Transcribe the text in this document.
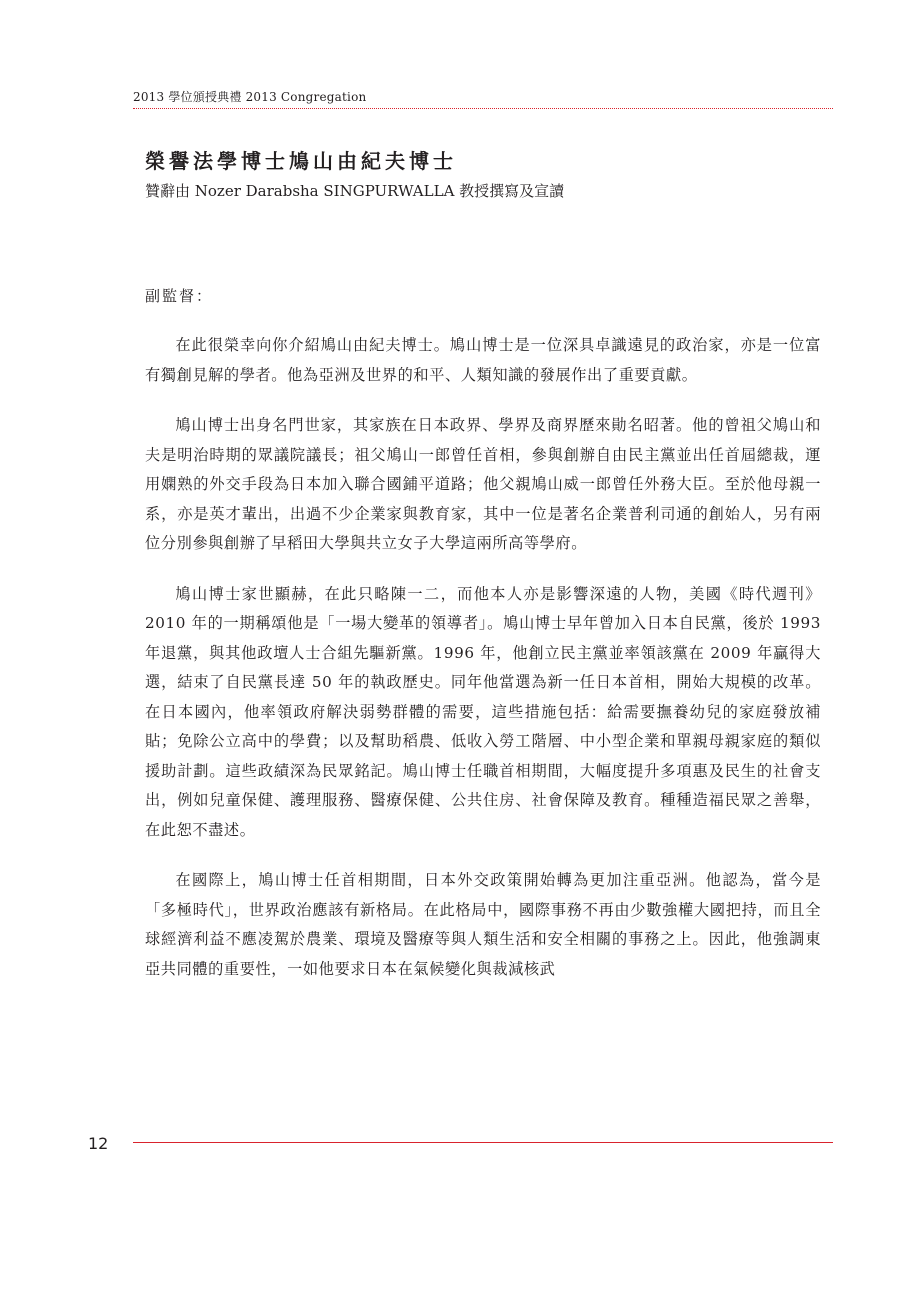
2013 學位頒授典禮 2013 Congregation
榮譽法學博士鳩山由紀夫博士

贊辭由 Nozer Darabsha SINGPURWALLA 教授撰寫及宣讀

副監督：

在此很榮幸向你介紹鳩山由紀夫博士。鳩山博士是一位深具卓識遠見的政治家，亦是一位富有獨創見解的學者。他為亞洲及世界的和平、人類知識的發展作出了重要貢獻。

鳩山博士出身名門世家，其家族在日本政界、學界及商界歷來勛名昭著。他的曾祖父鳩山和夫是明治時期的眾議院議長；祖父鳩山一郎曾任首相，參與創辦自由民主黨並出任首屆總裁，運用嫻熟的外交手段為日本加入聯合國鋪平道路；他父親鳩山威一郎曾任外務大臣。至於他母親一系，亦是英才輩出，出過不少企業家與教育家，其中一位是著名企業普利司通的創始人，另有兩位分別參與創辦了早稻田大學與共立女子大學這兩所高等學府。

鳩山博士家世顯赫，在此只略陳一二，而他本人亦是影響深遠的人物，美國《時代週刊》2010 年的一期稱頌他是「一場大變革的領導者」。鳩山博士早年曾加入日本自民黨，後於 1993 年退黨，與其他政壇人士合組先驅新黨。1996 年，他創立民主黨並率領該黨在 2009 年贏得大選，結束了自民黨長達 50 年的執政歷史。同年他當選為新一任日本首相，開始大規模的改革。在日本國內，他率領政府解決弱勢群體的需要，這些措施包括：給需要撫養幼兒的家庭發放補貼；免除公立高中的學費；以及幫助稻農、低收入勞工階層、中小型企業和單親母親家庭的類似援助計劃。這些政績深為民眾銘記。鳩山博士任職首相期間，大幅度提升多項惠及民生的社會支出，例如兒童保健、護理服務、醫療保健、公共住房、社會保障及教育。種種造福民眾之善舉，在此恕不盡述。

在國際上，鳩山博士任首相期間，日本外交政策開始轉為更加注重亞洲。他認為，當今是「多極時代」，世界政治應該有新格局。在此格局中，國際事務不再由少數強權大國把持，而且全球經濟利益不應凌駕於農業、環境及醫療等與人類生活和安全相關的事務之上。因此，他強調東亞共同體的重要性，一如他要求日本在氣候變化與裁減核武

12
